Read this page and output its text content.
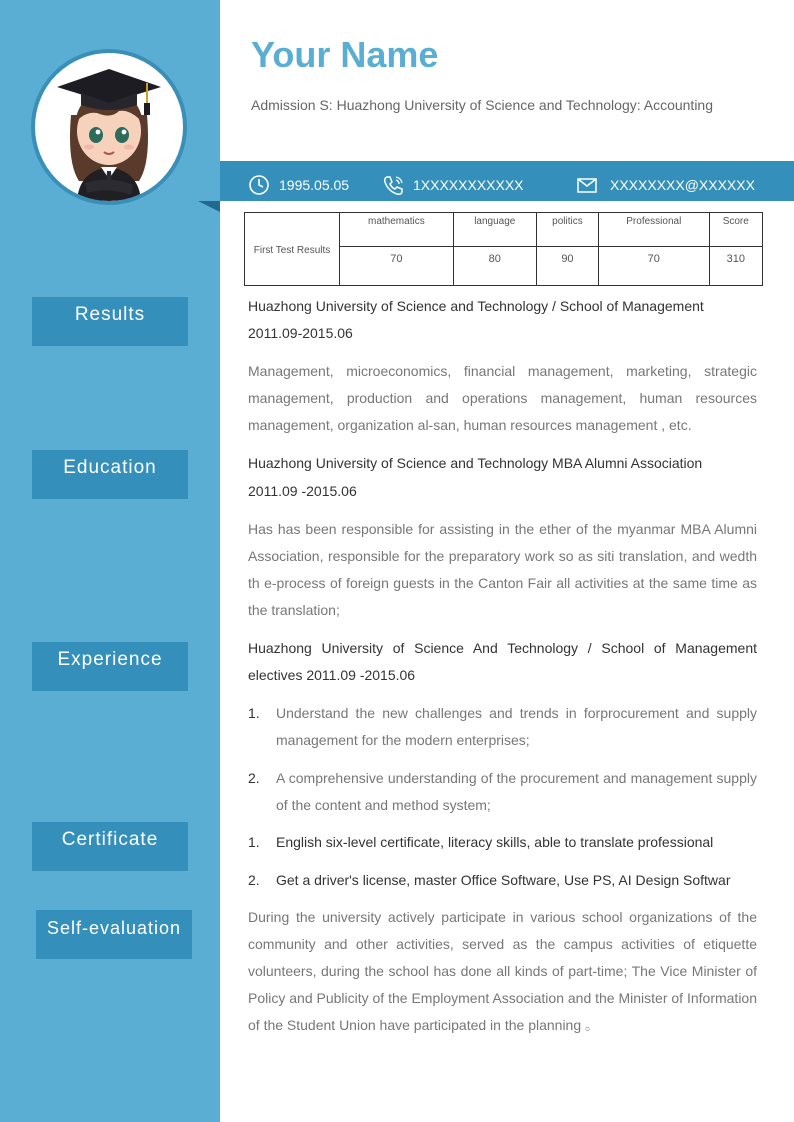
Results
Education
Experience
Certificate
Self-evaluation
Your Name
Admission S: Huazhong University of Science and Technology: Accounting
1995.05.05	1XXXXXXXXXXX	XXXXXXXX@XXXXXX
First Test Results	mathematics	language	politics	Professional	Score
	70	80	90	70	310
Huazhong University of Science and Technology / School of Management
2011.09-2015.06
Management, microeconomics, financial management, marketing, strategic management, production and operations management, human resources management, organization al-san, human resources management , etc.
Huazhong University of Science and Technology MBA Alumni Association
2011.09 -2015.06
Has has been responsible for assisting in the ether of the myanmar MBA Alumni Association, responsible for the preparatory work so as siti translation, and wedth th e-process of foreign guests in the Canton Fair all activities at the same time as the translation;
Huazhong University of Science And Technology / School of Management electives 2011.09 -2015.06
1. Understand the new challenges and trends in forprocurement and supply management for the modern enterprises;
2. A comprehensive understanding of the procurement and management supply of the content and method system;
1. English six-level certificate, literacy skills, able to translate professional
2. Get a driver's license, master Office Software, Use PS, AI Design Softwar
During the university actively participate in various school organizations of the community and other activities, served as the campus activities of etiquette volunteers, during the school has done all kinds of part-time; The Vice Minister of Policy and Publicity of the Employment Association and the Minister of Information of the Student Union have participated in the planning 。
